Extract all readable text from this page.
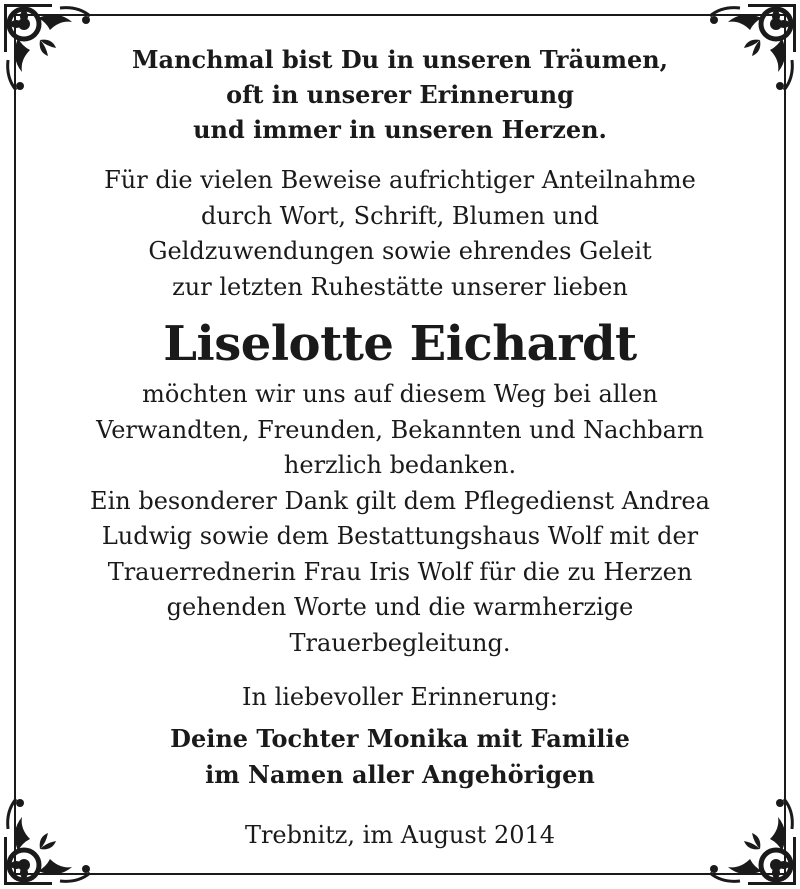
Manchmal bist Du in unseren Träumen,
oft in unserer Erinnerung
und immer in unseren Herzen.
Für die vielen Beweise aufrichtiger Anteilnahme
durch Wort, Schrift, Blumen und
Geldzuwendungen sowie ehrendes Geleit
zur letzten Ruhestätte unserer lieben
Liselotte Eichardt
möchten wir uns auf diesem Weg bei allen
Verwandten, Freunden, Bekannten und Nachbarn
herzlich bedanken.
Ein besonderer Dank gilt dem Pflegedienst Andrea
Ludwig sowie dem Bestattungshaus Wolf mit der
Trauerrednerin Frau Iris Wolf für die zu Herzen
gehenden Worte und die warmherzige
Trauerbegleitung.
In liebevoller Erinnerung:
Deine Tochter Monika mit Familie
im Namen aller Angehörigen
Trebnitz, im August 2014
